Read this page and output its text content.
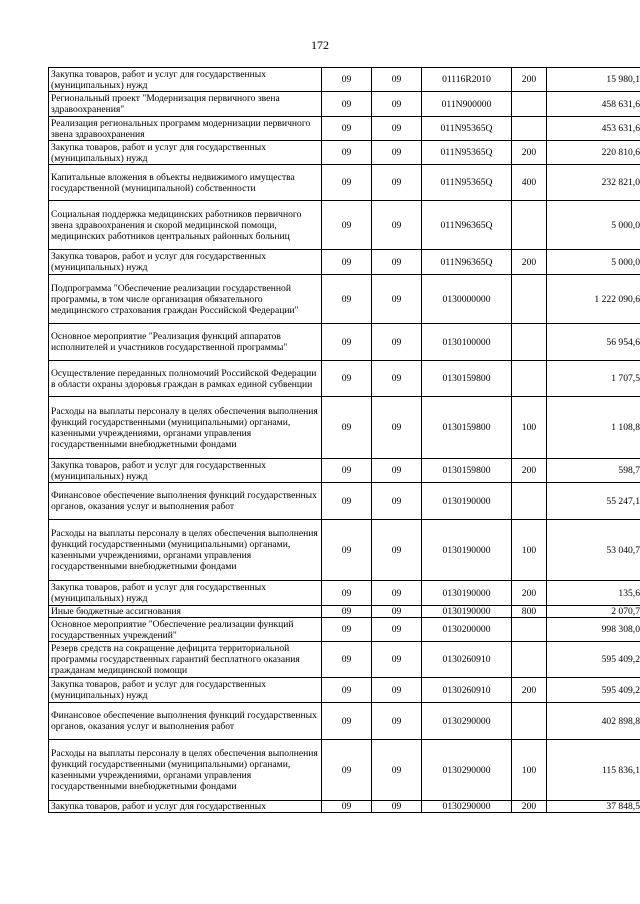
172
Закупка товаров, работ и услуг для государственных (муниципальных) нужд	09	09	01116R2010	200	15 980,1
Региональный проект "Модернизация первичного звена здравоохранения"	09	09	011N900000		458 631,6
Реализация региональных программ модернизации первичного звена здравоохранения	09	09	011N95365Q		453 631,6
Закупка товаров, работ и услуг для государственных (муниципальных) нужд	09	09	011N95365Q	200	220 810,6
Капитальные вложения в объекты недвижимого имущества государственной (муниципальной) собственности	09	09	011N95365Q	400	232 821,0
Социальная поддержка медицинских работников первичного звена здравоохранения и скорой медицинской помощи, медицинских работников центральных районных больниц	09	09	011N96365Q		5 000,0
Закупка товаров, работ и услуг для государственных (муниципальных) нужд	09	09	011N96365Q	200	5 000,0
Подпрограмма "Обеспечение реализации государственной программы, в том числе организация обязательного медицинского страхования граждан Российской Федерации"	09	09	0130000000		1 222 090,6
Основное мероприятие "Реализация функций аппаратов исполнителей и участников государственной программы"	09	09	0130100000		56 954,6
Осуществление переданных полномочий Российской Федерации в области охраны здоровья граждан в рамках единой субвенции	09	09	0130159800		1 707,5
Расходы на выплаты персоналу в целях обеспечения выполнения функций государственными (муниципальными) органами, казенными учреждениями, органами управления государственными внебюджетными фондами	09	09	0130159800	100	1 108,8
Закупка товаров, работ и услуг для государственных (муниципальных) нужд	09	09	0130159800	200	598,7
Финансовое обеспечение выполнения функций государственных органов, оказания услуг и выполнения работ	09	09	0130190000		55 247,1
Расходы на выплаты персоналу в целях обеспечения выполнения функций государственными (муниципальными) органами, казенными учреждениями, органами управления государственными внебюджетными фондами	09	09	0130190000	100	53 040,7
Закупка товаров, работ и услуг для государственных (муниципальных) нужд	09	09	0130190000	200	135,6
Иные бюджетные ассигнования	09	09	0130190000	800	2 070,7
Основное мероприятие "Обеспечение реализации функций государственных учреждений"	09	09	0130200000		998 308,0
Резерв средств на сокращение дефицита территориальной программы государственных гарантий бесплатного оказания гражданам медицинской помощи	09	09	0130260910		595 409,2
Закупка товаров, работ и услуг для государственных (муниципальных) нужд	09	09	0130260910	200	595 409,2
Финансовое обеспечение выполнения функций государственных органов, оказания услуг и выполнения работ	09	09	0130290000		402 898,8
Расходы на выплаты персоналу в целях обеспечения выполнения функций государственными (муниципальными) органами, казенными учреждениями, органами управления государственными внебюджетными фондами	09	09	0130290000	100	115 836,1
Закупка товаров, работ и услуг для государственных	09	09	0130290000	200	37 848,5
